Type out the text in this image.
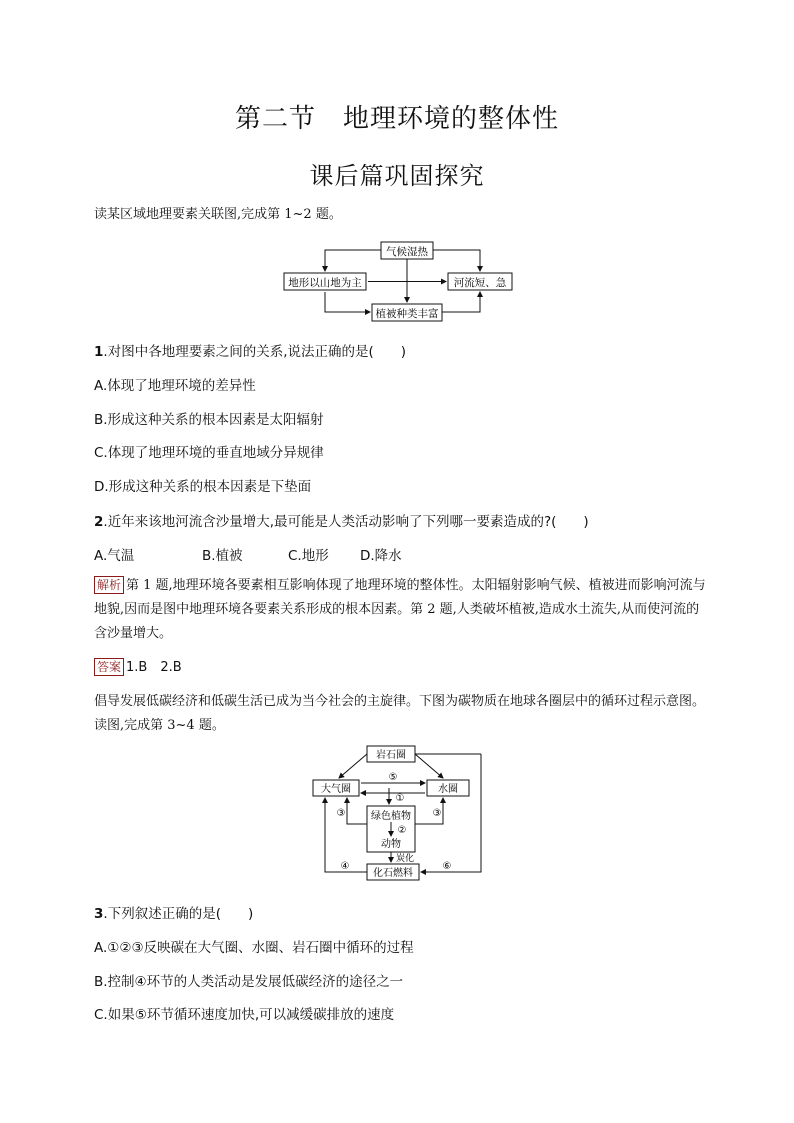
第二节　地理环境的整体性
课后篇巩固探究
读某区域地理要素关联图,完成第 1~2 题。
气候湿热
地形以山地为主	河流短、急
植被种类丰富
1.对图中各地理要素之间的关系,说法正确的是(　　)
A.体现了地理环境的差异性
B.形成这种关系的根本因素是太阳辐射
C.体现了地理环境的垂直地域分异规律
D.形成这种关系的根本因素是下垫面
2.近年来该地河流含沙量增大,最可能是人类活动影响了下列哪一要素造成的?(　　)
A.气温	B.植被	C.地形 D.降水
解析 第 1 题,地理环境各要素相互影响体现了地理环境的整体性。太阳辐射影响气候、植被进而影响河流与地貌,因而是图中地理环境各要素关系形成的根本因素。第 2 题,人类破坏植被,造成水土流失,从而使河流的含沙量增大。
答案 1.B　2.B
倡导发展低碳经济和低碳生活已成为当今社会的主旋律。下图为碳物质在地球各圈层中的循环过程示意图。读图,完成第 3~4 题。
岩石圈
大气圈	水圈
绿色植物
动物
化石燃料
炭化
⑤
①
②
③	③
④	⑥
3.下列叙述正确的是(　　)
A.①②③反映碳在大气圈、水圈、岩石圈中循环的过程
B.控制④环节的人类活动是发展低碳经济的途径之一
C.如果⑤环节循环速度加快,可以减缓碳排放的速度
